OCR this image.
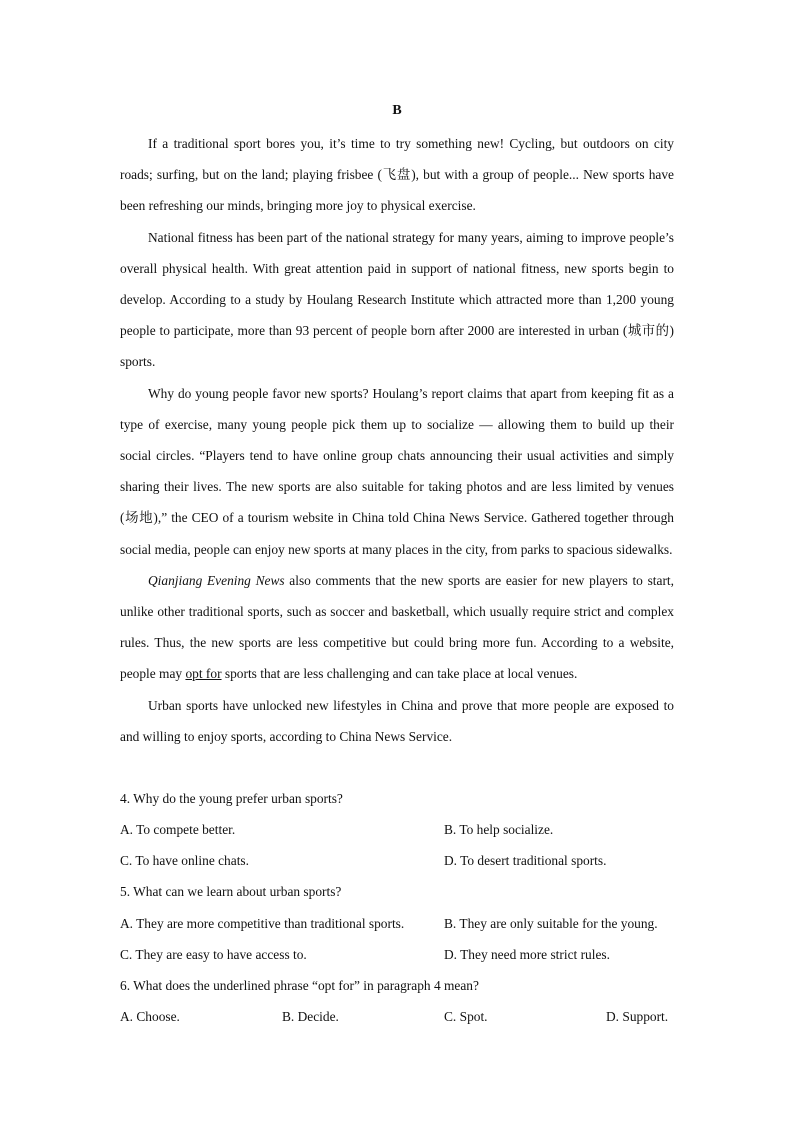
B

If a traditional sport bores you, it’s time to try something new! Cycling, but outdoors on city roads; surfing, but on the land; playing frisbee (飞盘), but with a group of people... New sports have been refreshing our minds, bringing more joy to physical exercise.

National fitness has been part of the national strategy for many years, aiming to improve people’s overall physical health. With great attention paid in support of national fitness, new sports begin to develop. According to a study by Houlang Research Institute which attracted more than 1,200 young people to participate, more than 93 percent of people born after 2000 are interested in urban (城市的) sports.

Why do young people favor new sports? Houlang’s report claims that apart from keeping fit as a type of exercise, many young people pick them up to socialize — allowing them to build up their social circles. “Players tend to have online group chats announcing their usual activities and simply sharing their lives. The new sports are also suitable for taking photos and are less limited by venues (场地),” the CEO of a tourism website in China told China News Service. Gathered together through social media, people can enjoy new sports at many places in the city, from parks to spacious sidewalks.

Qianjiang Evening News also comments that the new sports are easier for new players to start, unlike other traditional sports, such as soccer and basketball, which usually require strict and complex rules. Thus, the new sports are less competitive but could bring more fun. According to a website, people may opt for sports that are less challenging and can take place at local venues.

Urban sports have unlocked new lifestyles in China and prove that more people are exposed to and willing to enjoy sports, according to China News Service.

4. Why do the young prefer urban sports?
A. To compete better.	B. To help socialize.
C. To have online chats.	D. To desert traditional sports.
5. What can we learn about urban sports?
A. They are more competitive than traditional sports.	B. They are only suitable for the young.
C. They are easy to have access to.	D. They need more strict rules.
6. What does the underlined phrase “opt for” in paragraph 4 mean?
A. Choose.	B. Decide.	C. Spot.	D. Support.
